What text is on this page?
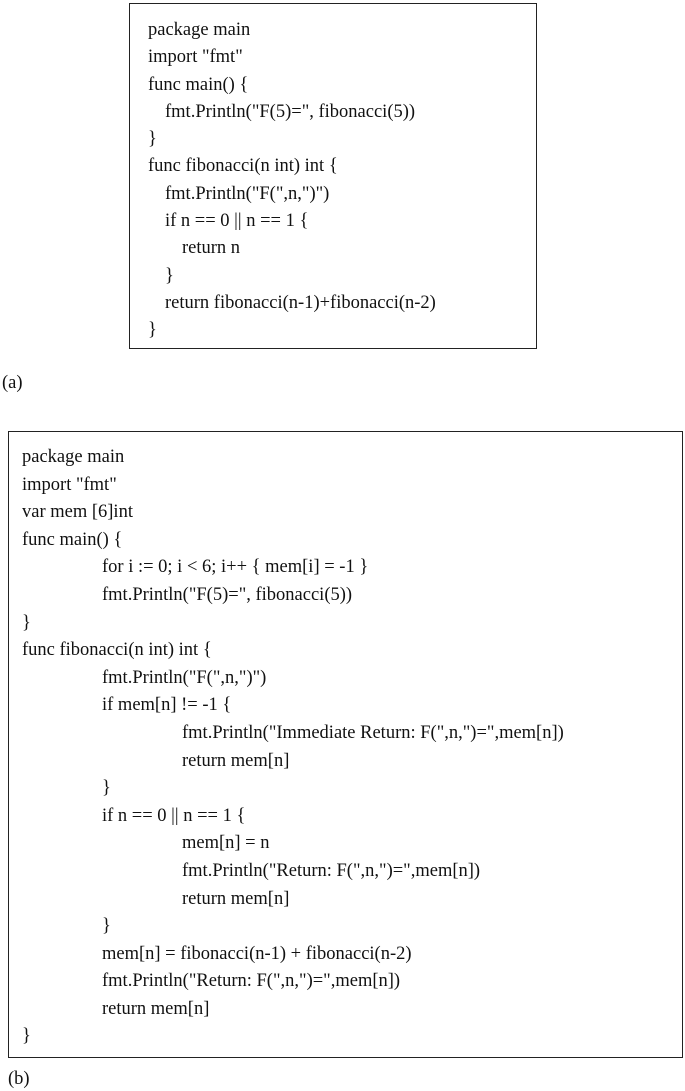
package main
import "fmt"
func main() {
fmt.Println("F(5)=", fibonacci(5))
}
func fibonacci(n int) int {
fmt.Println("F(",n,")")
if n == 0 || n == 1 {
return n
}
return fibonacci(n-1)+fibonacci(n-2)
}
(a)
package main
import "fmt"
var mem [6]int
func main() {
for i := 0; i < 6; i++ { mem[i] = -1 }
fmt.Println("F(5)=", fibonacci(5))
}
func fibonacci(n int) int {
fmt.Println("F(",n,")")
if mem[n] != -1 {
fmt.Println("Immediate Return: F(",n,")=",mem[n])
return mem[n]
}
if n == 0 || n == 1 {
mem[n] = n
fmt.Println("Return: F(",n,")=",mem[n])
return mem[n]
}
mem[n] = fibonacci(n-1) + fibonacci(n-2)
fmt.Println("Return: F(",n,")=",mem[n])
return mem[n]
}
(b)
